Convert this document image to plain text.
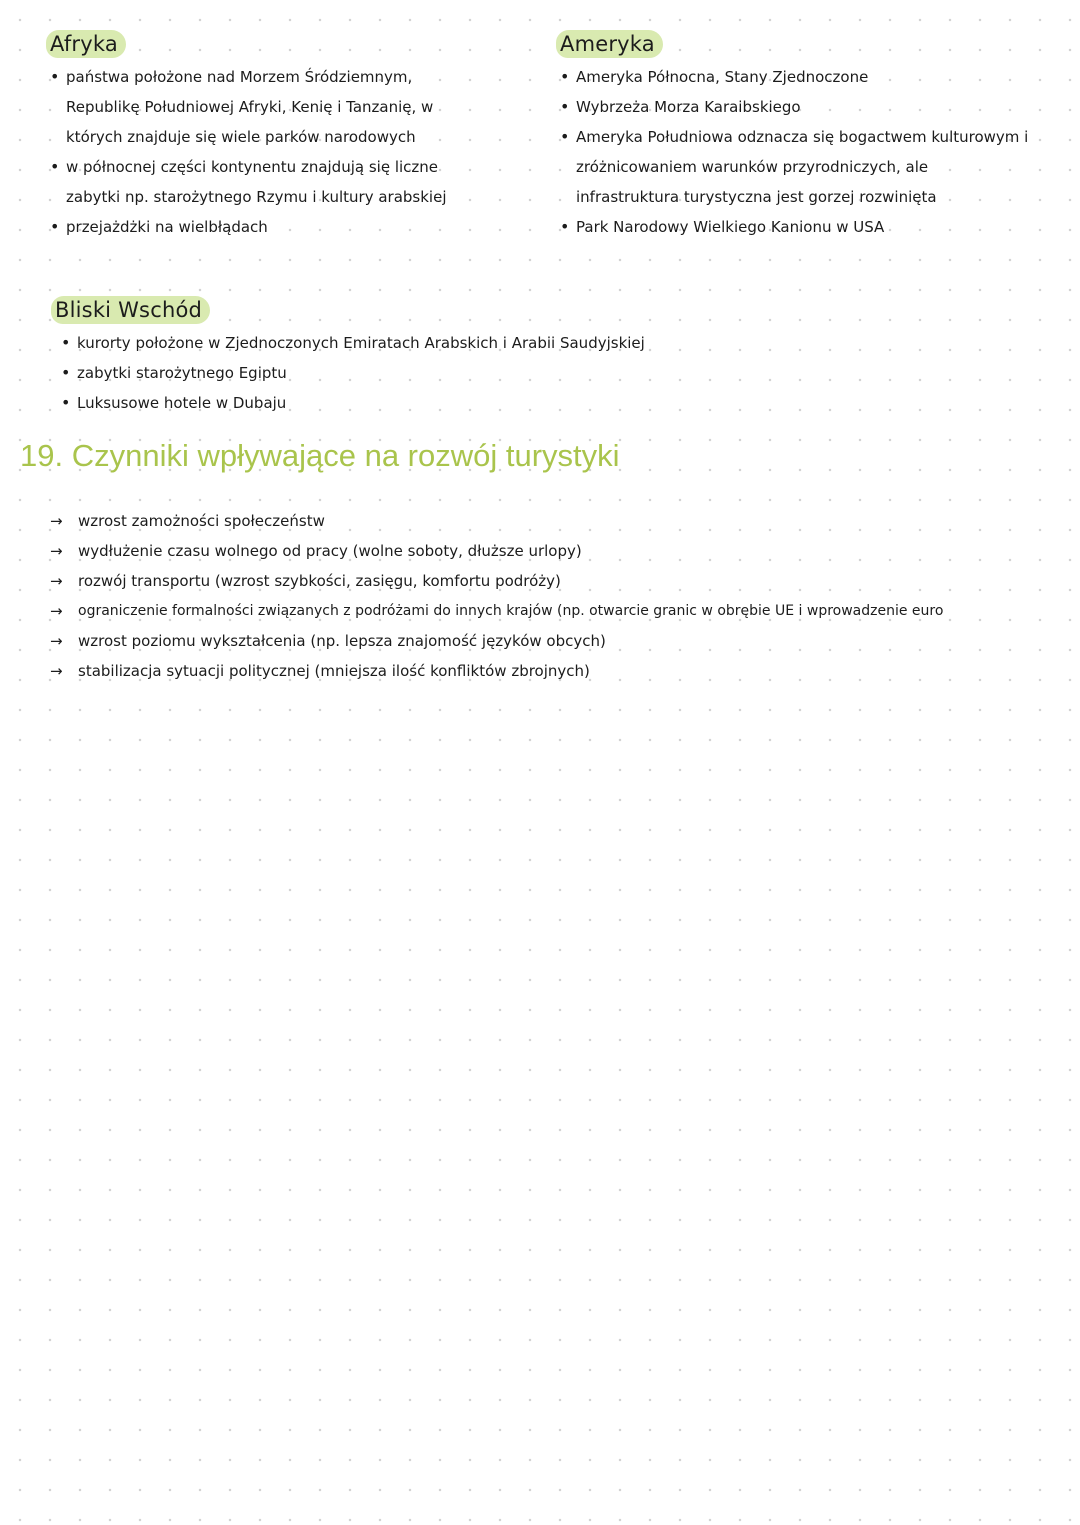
Afryka
• państwa położone nad Morzem Śródziemnym, Republikę Południowej Afryki, Kenię i Tanzanię, w których znajduje się wiele parków narodowych
• w północnej części kontynentu znajdują się liczne zabytki np. starożytnego Rzymu i kultury arabskiej
• przejażdżki na wielbłądach
Ameryka
• Ameryka Północna, Stany Zjednoczone
• Wybrzeża Morza Karaibskiego
• Ameryka Południowa odznacza się bogactwem kulturowym i zróżnicowaniem warunków przyrodniczych, ale infrastruktura turystyczna jest gorzej rozwinięta
• Park Narodowy Wielkiego Kanionu w USA
Bliski Wschód
• kurorty położone w Zjednoczonych Emiratach Arabskich i Arabii Saudyjskiej
• zabytki starożytnego Egiptu
• Luksusowe hotele w Dubaju
19. Czynniki wpływające na rozwój turystyki
→	wzrost zamożności społeczeństw
→	wydłużenie czasu wolnego od pracy (wolne soboty, dłuższe urlopy)
→	rozwój transportu (wzrost szybkości, zasięgu, komfortu podróży)
→	ograniczenie formalności związanych z podróżami do innych krajów (np. otwarcie granic w obrębie UE i wprowadzenie euro
→	wzrost poziomu wykształcenia (np. lepsza znajomość języków obcych)
→	stabilizacja sytuacji politycznej (mniejsza ilość konfliktów zbrojnych)
